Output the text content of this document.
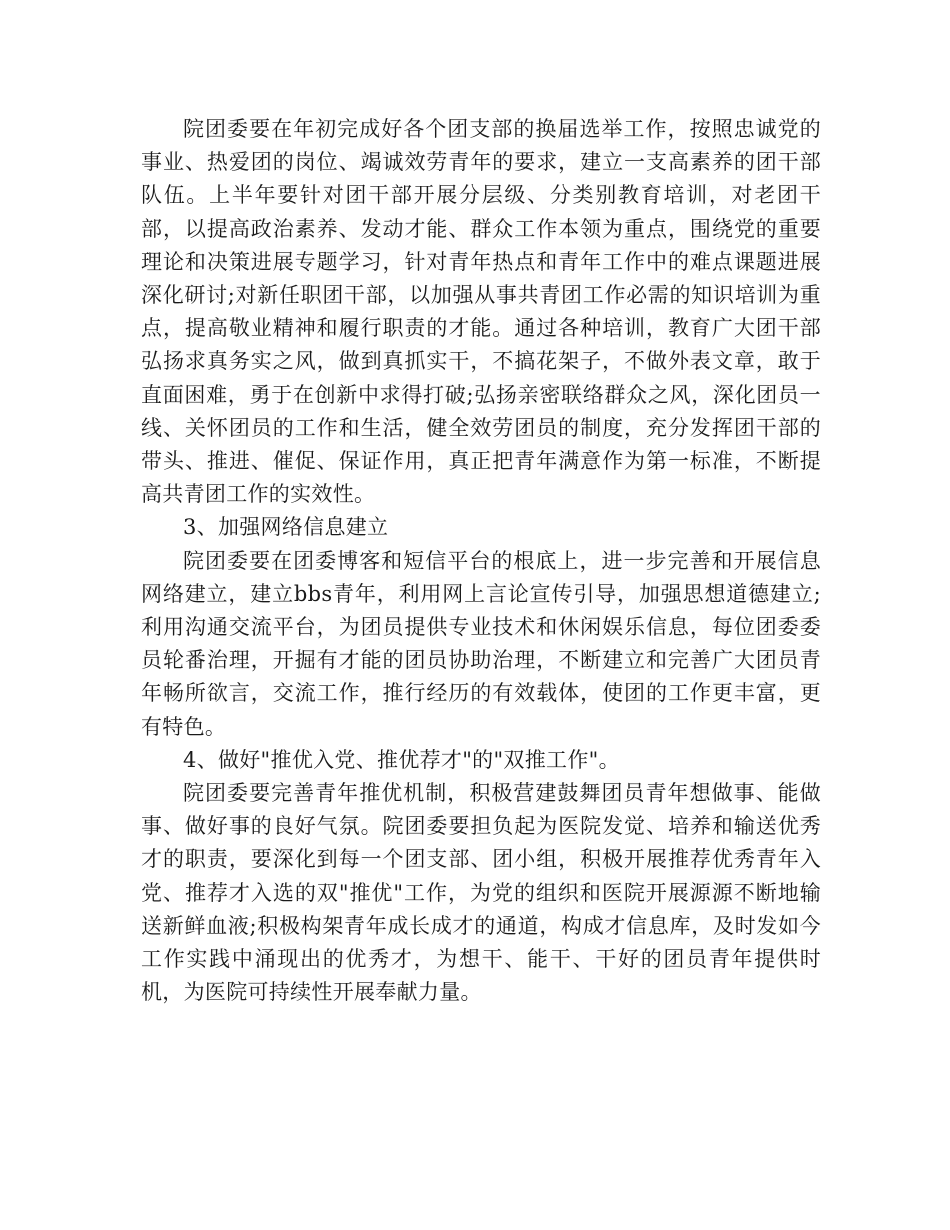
院团委要在年初完成好各个团支部的换届选举工作，按照忠诚党的事业、热爱团的岗位、竭诚效劳青年的要求，建立一支高素养的团干部队伍。上半年要针对团干部开展分层级、分类别教育培训，对老团干部，以提高政治素养、发动才能、群众工作本领为重点，围绕党的重要理论和决策进展专题学习，针对青年热点和青年工作中的难点课题进展深化研讨;对新任职团干部，以加强从事共青团工作必需的知识培训为重点，提高敬业精神和履行职责的才能。通过各种培训，教育广大团干部弘扬求真务实之风，做到真抓实干，不搞花架子，不做外表文章，敢于直面困难，勇于在创新中求得打破;弘扬亲密联络群众之风，深化团员一线、关怀团员的工作和生活，健全效劳团员的制度，充分发挥团干部的带头、推进、催促、保证作用，真正把青年满意作为第一标准，不断提高共青团工作的实效性。

3、加强网络信息建立

院团委要在团委博客和短信平台的根底上，进一步完善和开展信息网络建立，建立bbs青年，利用网上言论宣传引导，加强思想道德建立;利用沟通交流平台，为团员提供专业技术和休闲娱乐信息，每位团委委员轮番治理，开掘有才能的团员协助治理，不断建立和完善广大团员青年畅所欲言，交流工作，推行经历的有效载体，使团的工作更丰富，更有特色。

4、做好"推优入党、推优荐才"的"双推工作"。

院团委要完善青年推优机制，积极营建鼓舞团员青年想做事、能做事、做好事的良好气氛。院团委要担负起为医院发觉、培养和输送优秀才的职责，要深化到每一个团支部、团小组，积极开展推荐优秀青年入党、推荐才入选的双"推优"工作，为党的组织和医院开展源源不断地输送新鲜血液;积极构架青年成长成才的通道，构成才信息库，及时发如今工作实践中涌现出的优秀才，为想干、能干、干好的团员青年提供时机，为医院可持续性开展奉献力量。
